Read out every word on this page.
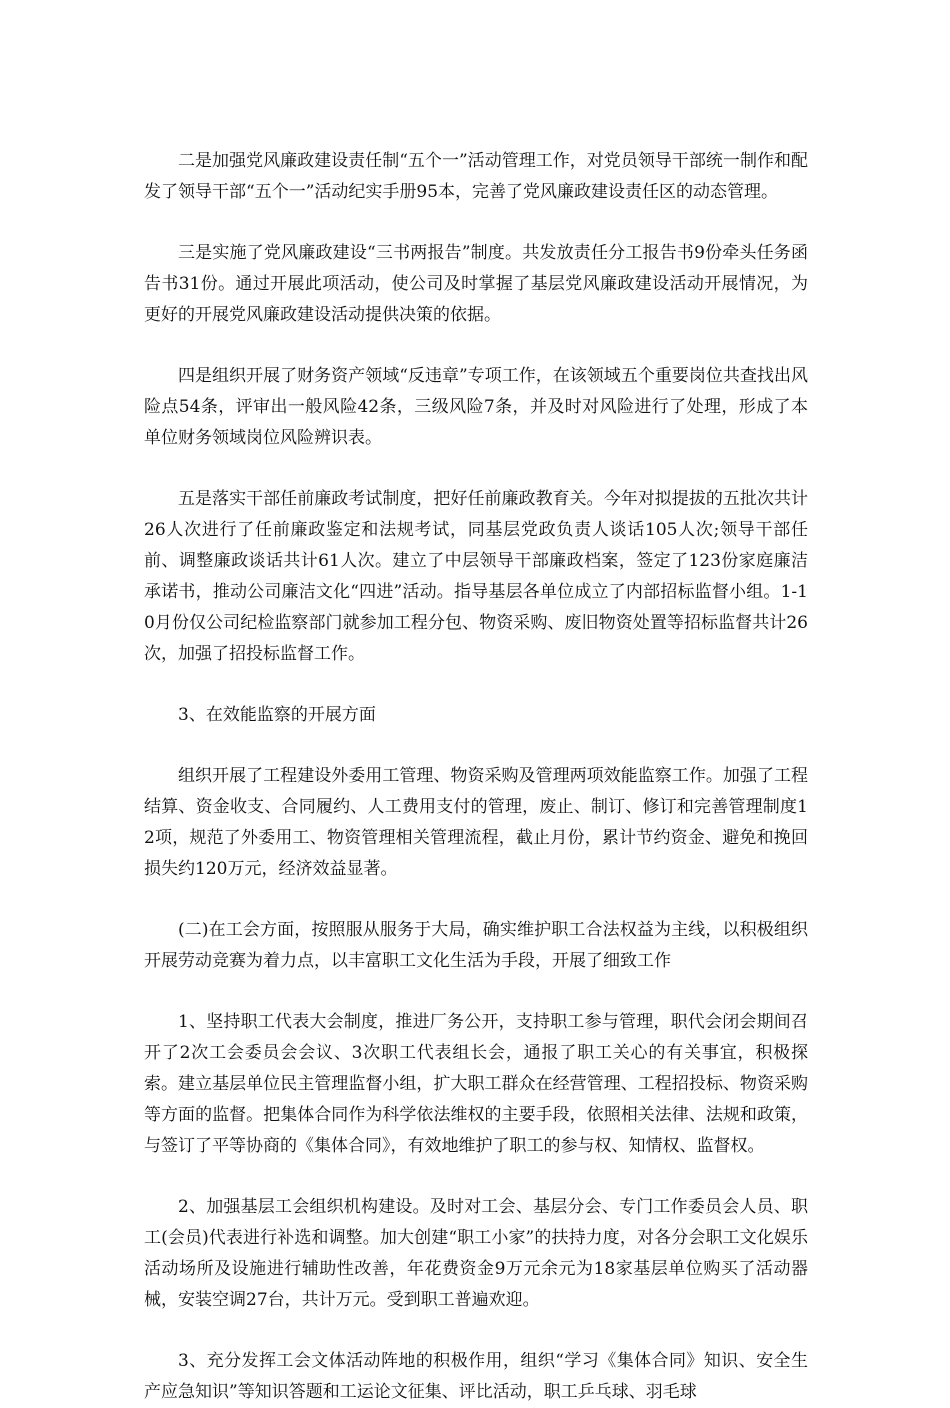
二是加强党风廉政建设责任制“五个一”活动管理工作，对党员领导干部统一制作和配发了领导干部“五个一”活动纪实手册95本，完善了党风廉政建设责任区的动态管理。

三是实施了党风廉政建设“三书两报告”制度。共发放责任分工报告书9份牵头任务函告书31份。通过开展此项活动，使公司及时掌握了基层党风廉政建设活动开展情况，为更好的开展党风廉政建设活动提供决策的依据。

四是组织开展了财务资产领域“反违章”专项工作，在该领域五个重要岗位共查找出风险点54条，评审出一般风险42条，三级风险7条，并及时对风险进行了处理，形成了本单位财务领域岗位风险辨识表。

五是落实干部任前廉政考试制度，把好任前廉政教育关。今年对拟提拔的五批次共计26人次进行了任前廉政鉴定和法规考试，同基层党政负责人谈话105人次;领导干部任前、调整廉政谈话共计61人次。建立了中层领导干部廉政档案，签定了123份家庭廉洁承诺书，推动公司廉洁文化“四进”活动。指导基层各单位成立了内部招标监督小组。1-10月份仅公司纪检监察部门就参加工程分包、物资采购、废旧物资处置等招标监督共计26次，加强了招投标监督工作。

3、在效能监察的开展方面

组织开展了工程建设外委用工管理、物资采购及管理两项效能监察工作。加强了工程结算、资金收支、合同履约、人工费用支付的管理，废止、制订、修订和完善管理制度12项，规范了外委用工、物资管理相关管理流程，截止月份，累计节约资金、避免和挽回损失约120万元，经济效益显著。

(二)在工会方面，按照服从服务于大局，确实维护职工合法权益为主线，以积极组织开展劳动竞赛为着力点，以丰富职工文化生活为手段，开展了细致工作

1、坚持职工代表大会制度，推进厂务公开，支持职工参与管理，职代会闭会期间召开了2次工会委员会会议、3次职工代表组长会，通报了职工关心的有关事宜，积极探索。建立基层单位民主管理监督小组，扩大职工群众在经营管理、工程招投标、物资采购等方面的监督。把集体合同作为科学依法维权的主要手段，依照相关法律、法规和政策，与签订了平等协商的《集体合同》，有效地维护了职工的参与权、知情权、监督权。

2、加强基层工会组织机构建设。及时对工会、基层分会、专门工作委员会人员、职工(会员)代表进行补选和调整。加大创建“职工小家”的扶持力度，对各分会职工文化娱乐活动场所及设施进行辅助性改善，年花费资金9万元余元为18家基层单位购买了活动器械，安装空调27台，共计万元。受到职工普遍欢迎。

3、充分发挥工会文体活动阵地的积极作用，组织“学习《集体合同》知识、安全生产应急知识”等知识答题和工运论文征集、评比活动，职工乒乓球、羽毛球
